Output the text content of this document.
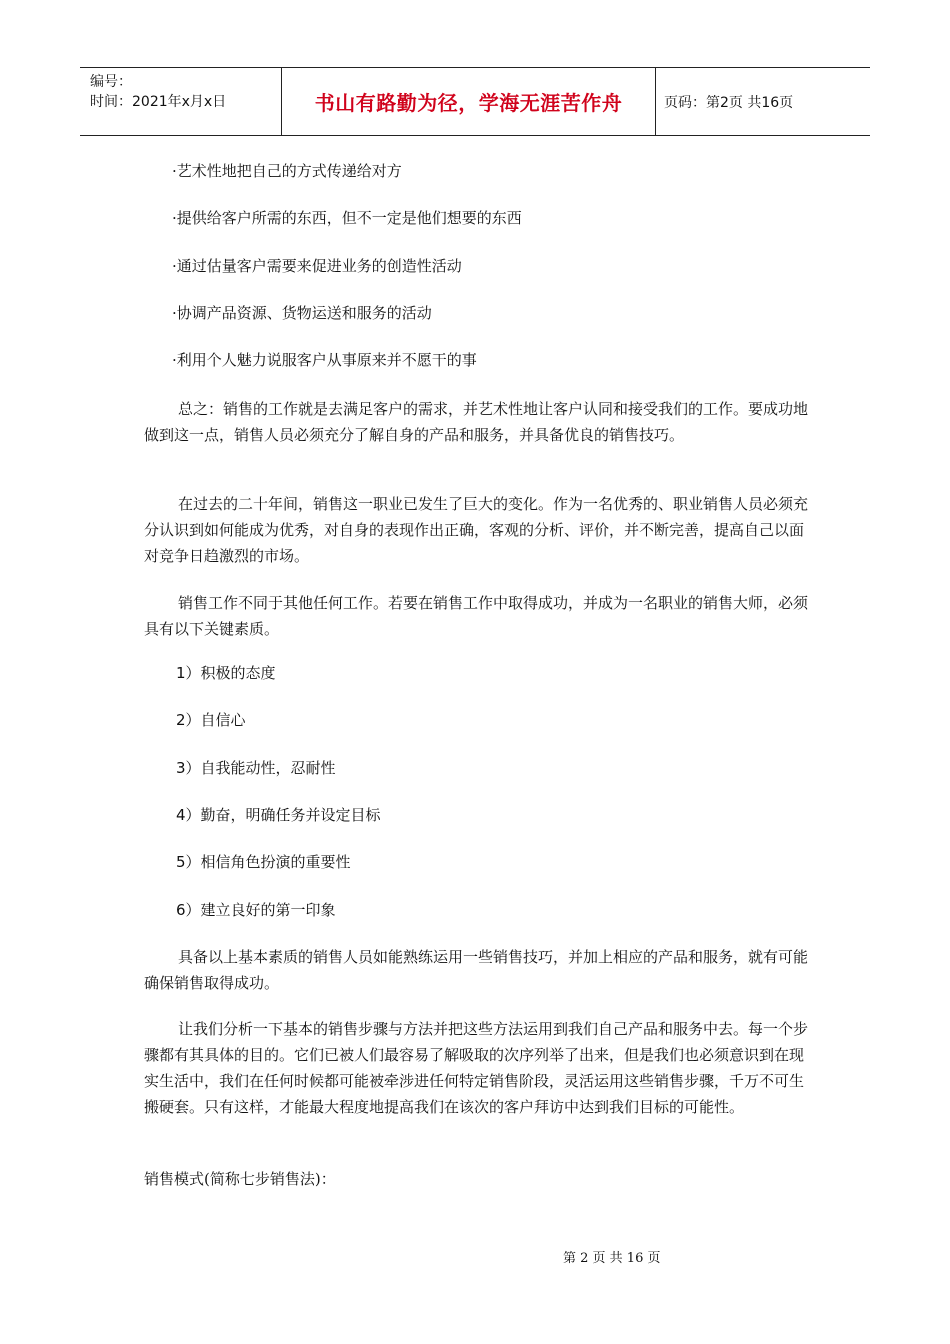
编号：
时间：2021年x月x日	书山有路勤为径，学海无涯苦作舟	页码：第2页 共16页

·艺术性地把自己的方式传递给对方

·提供给客户所需的东西，但不一定是他们想要的东西

·通过估量客户需要来促进业务的创造性活动

·协调产品资源、货物运送和服务的活动

·利用个人魅力说服客户从事原来并不愿干的事

总之：销售的工作就是去满足客户的需求，并艺术性地让客户认同和接受我们的工作。要成功地做到这一点，销售人员必须充分了解自身的产品和服务，并具备优良的销售技巧。

在过去的二十年间，销售这一职业已发生了巨大的变化。作为一名优秀的、职业销售人员必须充分认识到如何能成为优秀，对自身的表现作出正确，客观的分析、评价，并不断完善，提高自己以面对竞争日趋激烈的市场。

销售工作不同于其他任何工作。若要在销售工作中取得成功，并成为一名职业的销售大师，必须具有以下关键素质。

1）积极的态度

2）自信心

3）自我能动性，忍耐性

4）勤奋，明确任务并设定目标

5）相信角色扮演的重要性

6）建立良好的第一印象

具备以上基本素质的销售人员如能熟练运用一些销售技巧，并加上相应的产品和服务，就有可能确保销售取得成功。

让我们分析一下基本的销售步骤与方法并把这些方法运用到我们自己产品和服务中去。每一个步骤都有其具体的目的。它们已被人们最容易了解吸取的次序列举了出来，但是我们也必须意识到在现实生活中，我们在任何时候都可能被牵涉进任何特定销售阶段，灵活运用这些销售步骤，千万不可生搬硬套。只有这样，才能最大程度地提高我们在该次的客户拜访中达到我们目标的可能性。

销售模式(简称七步销售法)：

第 2 页 共 16 页
